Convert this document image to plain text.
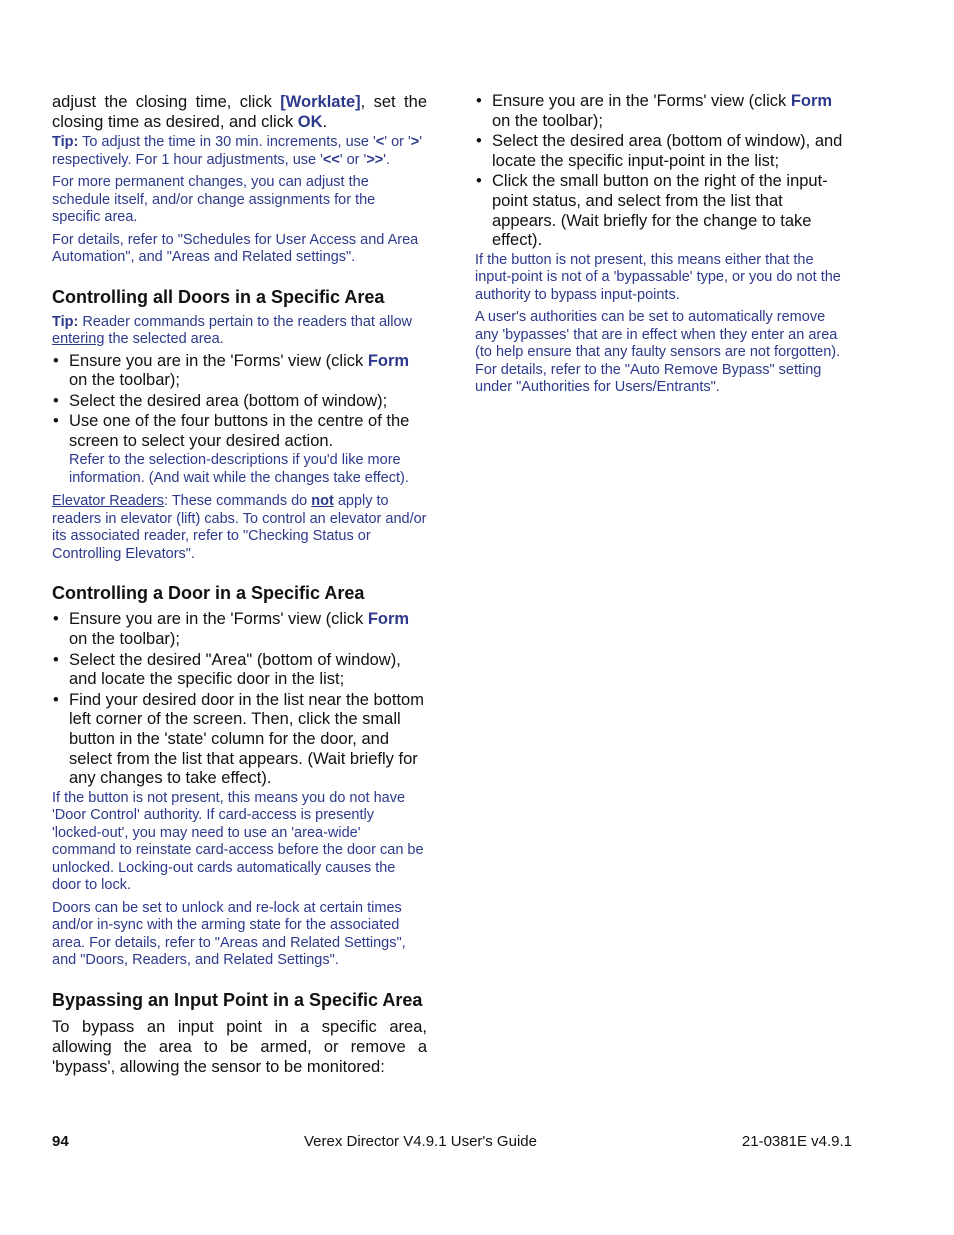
adjust the closing time, click [Worklate], set the closing time as desired, and click OK.

Tip: To adjust the time in 30 min. increments, use '<' or '>' respectively. For 1 hour adjustments, use '<<' or '>>'.

For more permanent changes, you can adjust the schedule itself, and/or change assignments for the specific area.

For details, refer to "Schedules for User Access and Area Automation", and "Areas and Related settings".

Controlling all Doors in a Specific Area

Tip: Reader commands pertain to the readers that allow entering the selected area.

• Ensure you are in the 'Forms' view (click Form on the toolbar);
• Select the desired area (bottom of window);
• Use one of the four buttons in the centre of the screen to select your desired action.

Refer to the selection-descriptions if you'd like more information. (And wait while the changes take effect).

Elevator Readers: These commands do not apply to readers in elevator (lift) cabs. To control an elevator and/or its associated reader, refer to "Checking Status or Controlling Elevators".

Controlling a Door in a Specific Area
• Ensure you are in the 'Forms' view (click Form on the toolbar);
• Select the desired "Area" (bottom of window), and locate the specific door in the list;
• Find your desired door in the list near the bottom left corner of the screen. Then, click the small button in the 'state' column for the door, and select from the list that appears. (Wait briefly for any changes to take effect).

If the button is not present, this means you do not have 'Door Control' authority. If card-access is presently 'locked-out', you may need to use an 'area-wide' command to reinstate card-access before the door can be unlocked. Locking-out cards automatically causes the door to lock.

Doors can be set to unlock and re-lock at certain times and/or in-sync with the arming state for the associated area. For details, refer to "Areas and Related Settings", and "Doors, Readers, and Related Settings".

Bypassing an Input Point in a Specific Area

To bypass an input point in a specific area, allowing the area to be armed, or remove a 'bypass', allowing the sensor to be monitored:

• Ensure you are in the 'Forms' view (click Form on the toolbar);
• Select the desired area (bottom of window), and locate the specific input-point in the list;
• Click the small button on the right of the input-point status, and select from the list that appears. (Wait briefly for the change to take effect).

If the button is not present, this means either that the input-point is not of a 'bypassable' type, or you do not the authority to bypass input-points.

A user's authorities can be set to automatically remove any 'bypasses' that are in effect when they enter an area (to help ensure that any faulty sensors are not forgotten). For details, refer to the "Auto Remove Bypass" setting under "Authorities for Users/Entrants".

94	Verex Director V4.9.1 User's Guide	21-0381E v4.9.1
